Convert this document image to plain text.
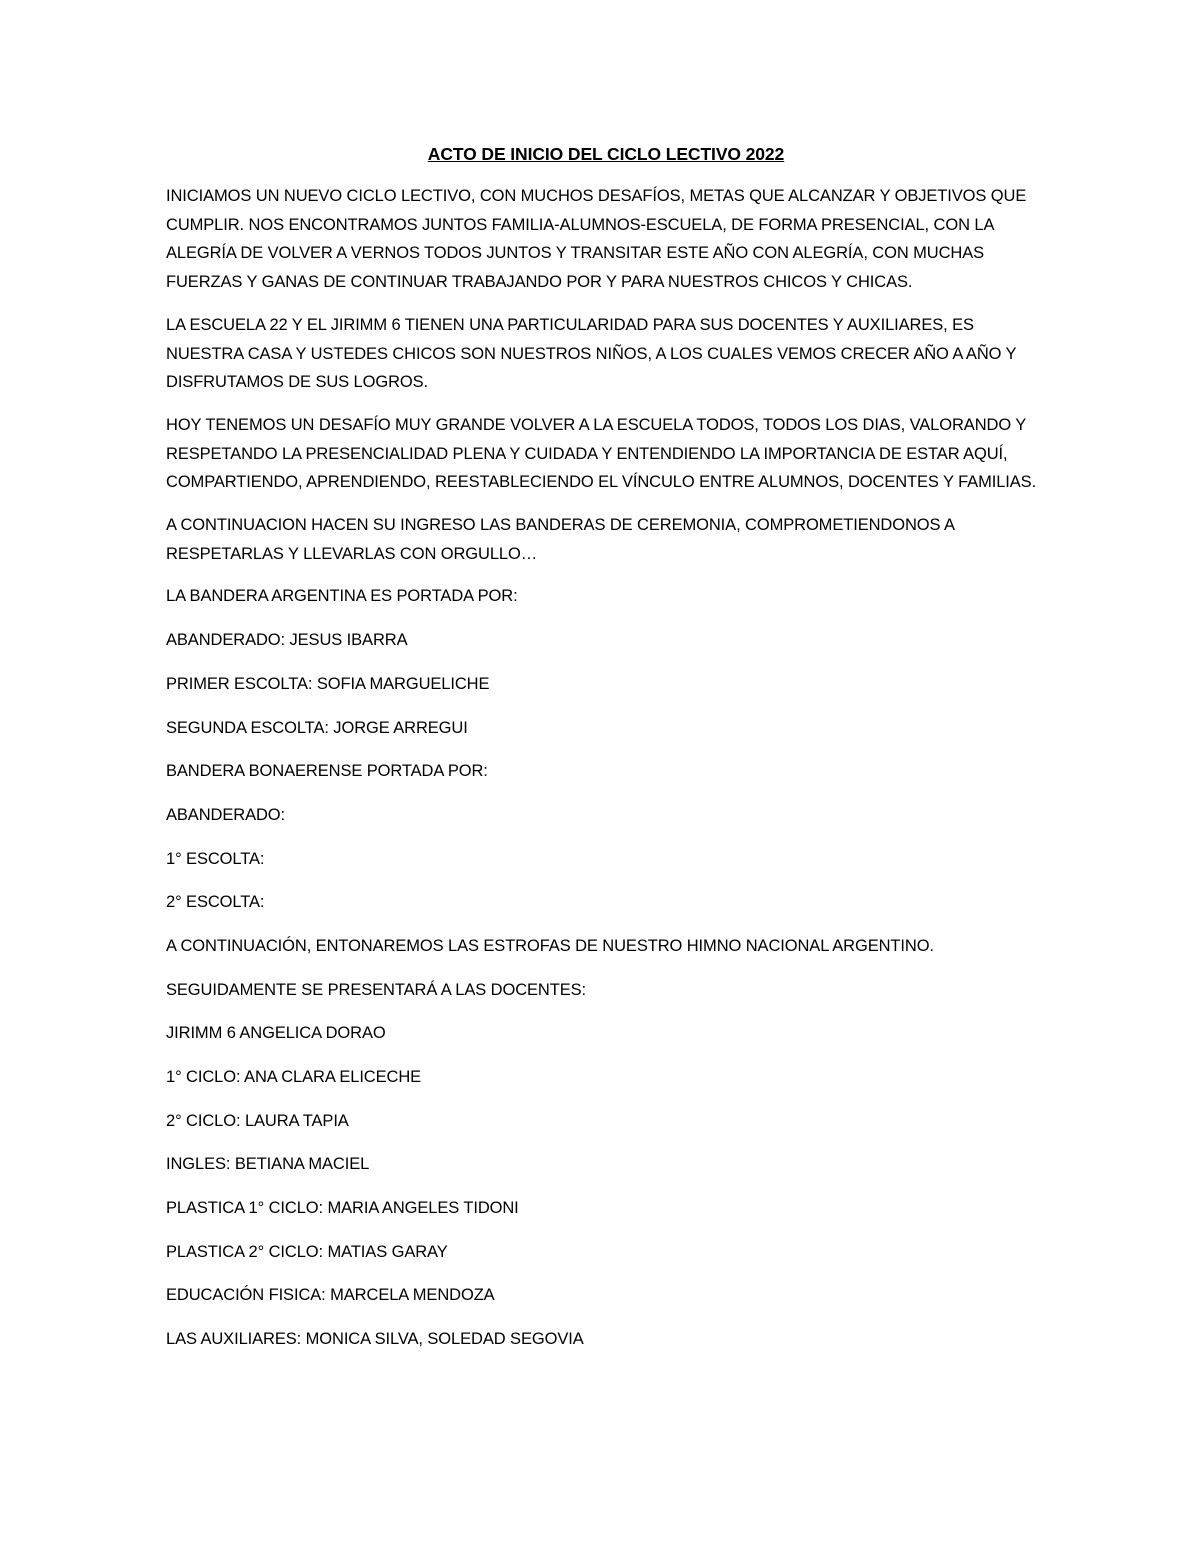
ACTO DE INICIO DEL CICLO LECTIVO 2022
INICIAMOS UN NUEVO CICLO LECTIVO, CON MUCHOS DESAFÍOS, METAS QUE ALCANZAR Y OBJETIVOS QUE CUMPLIR. NOS ENCONTRAMOS JUNTOS FAMILIA-ALUMNOS-ESCUELA, DE FORMA PRESENCIAL, CON LA ALEGRÍA DE VOLVER A VERNOS TODOS JUNTOS Y TRANSITAR ESTE AÑO CON ALEGRÍA, CON MUCHAS FUERZAS Y GANAS DE CONTINUAR TRABAJANDO POR Y PARA NUESTROS CHICOS Y CHICAS.
LA ESCUELA 22 Y EL JIRIMM 6 TIENEN UNA PARTICULARIDAD PARA SUS DOCENTES Y AUXILIARES, ES NUESTRA CASA Y USTEDES CHICOS SON NUESTROS NIÑOS, A LOS CUALES VEMOS CRECER AÑO A AÑO Y DISFRUTAMOS DE SUS LOGROS.
HOY TENEMOS UN DESAFÍO MUY GRANDE VOLVER A LA ESCUELA TODOS, TODOS LOS DIAS, VALORANDO Y RESPETANDO LA PRESENCIALIDAD PLENA Y CUIDADA Y ENTENDIENDO LA IMPORTANCIA DE ESTAR AQUÍ, COMPARTIENDO, APRENDIENDO, REESTABLECIENDO EL VÍNCULO ENTRE ALUMNOS, DOCENTES Y FAMILIAS.
A CONTINUACION HACEN SU INGRESO LAS BANDERAS DE CEREMONIA, COMPROMETIENDONOS A RESPETARLAS Y LLEVARLAS CON ORGULLO…
LA BANDERA ARGENTINA ES PORTADA POR:
ABANDERADO: JESUS IBARRA
PRIMER ESCOLTA: SOFIA MARGUELICHE
SEGUNDA ESCOLTA: JORGE ARREGUI
BANDERA BONAERENSE PORTADA POR:
ABANDERADO:
1° ESCOLTA:
2° ESCOLTA:
A CONTINUACIÓN, ENTONAREMOS LAS ESTROFAS DE NUESTRO HIMNO NACIONAL ARGENTINO.
SEGUIDAMENTE SE PRESENTARÁ A LAS DOCENTES:
JIRIMM 6 ANGELICA DORAO
1° CICLO: ANA CLARA ELICECHE
2° CICLO: LAURA TAPIA
INGLES: BETIANA MACIEL
PLASTICA 1° CICLO: MARIA ANGELES TIDONI
PLASTICA 2° CICLO: MATIAS GARAY
EDUCACIÓN FISICA: MARCELA MENDOZA
LAS AUXILIARES: MONICA SILVA, SOLEDAD SEGOVIA
